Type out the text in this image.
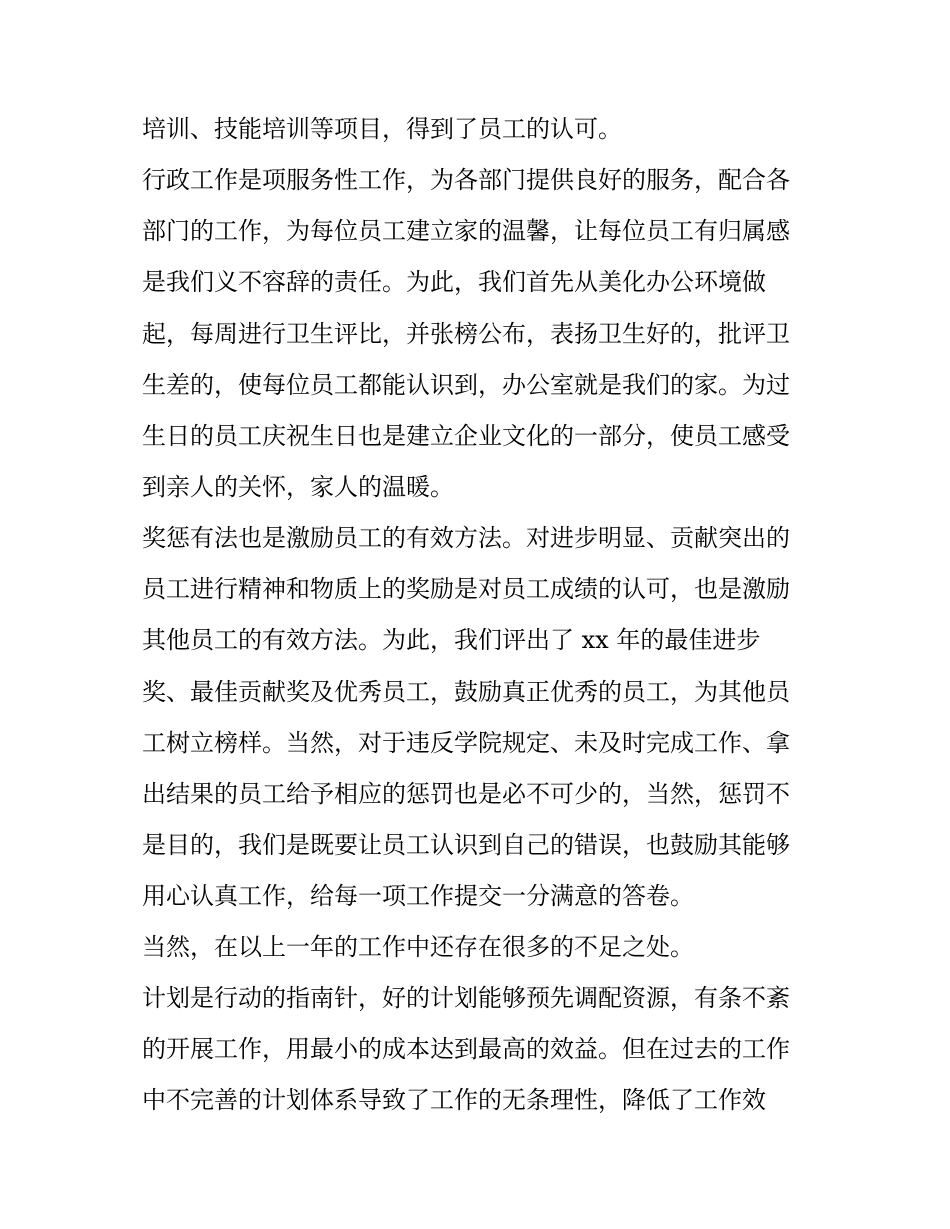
培训、技能培训等项目，得到了员工的认可。
行政工作是项服务性工作，为各部门提供良好的服务，配合各
部门的工作，为每位员工建立家的温馨，让每位员工有归属感
是我们义不容辞的责任。为此，我们首先从美化办公环境做
起，每周进行卫生评比，并张榜公布，表扬卫生好的，批评卫
生差的，使每位员工都能认识到，办公室就是我们的家。为过
生日的员工庆祝生日也是建立企业文化的一部分，使员工感受
到亲人的关怀，家人的温暖。
奖惩有法也是激励员工的有效方法。对进步明显、贡献突出的
员工进行精神和物质上的奖励是对员工成绩的认可，也是激励
其他员工的有效方法。为此，我们评出了 xx 年的最佳进步
奖、最佳贡献奖及优秀员工，鼓励真正优秀的员工，为其他员
工树立榜样。当然，对于违反学院规定、未及时完成工作、拿
出结果的员工给予相应的惩罚也是必不可少的，当然，惩罚不
是目的，我们是既要让员工认识到自己的错误，也鼓励其能够
用心认真工作，给每一项工作提交一分满意的答卷。
当然，在以上一年的工作中还存在很多的不足之处。
计划是行动的指南针，好的计划能够预先调配资源，有条不紊
的开展工作，用最小的成本达到最高的效益。但在过去的工作
中不完善的计划体系导致了工作的无条理性，降低了工作效
